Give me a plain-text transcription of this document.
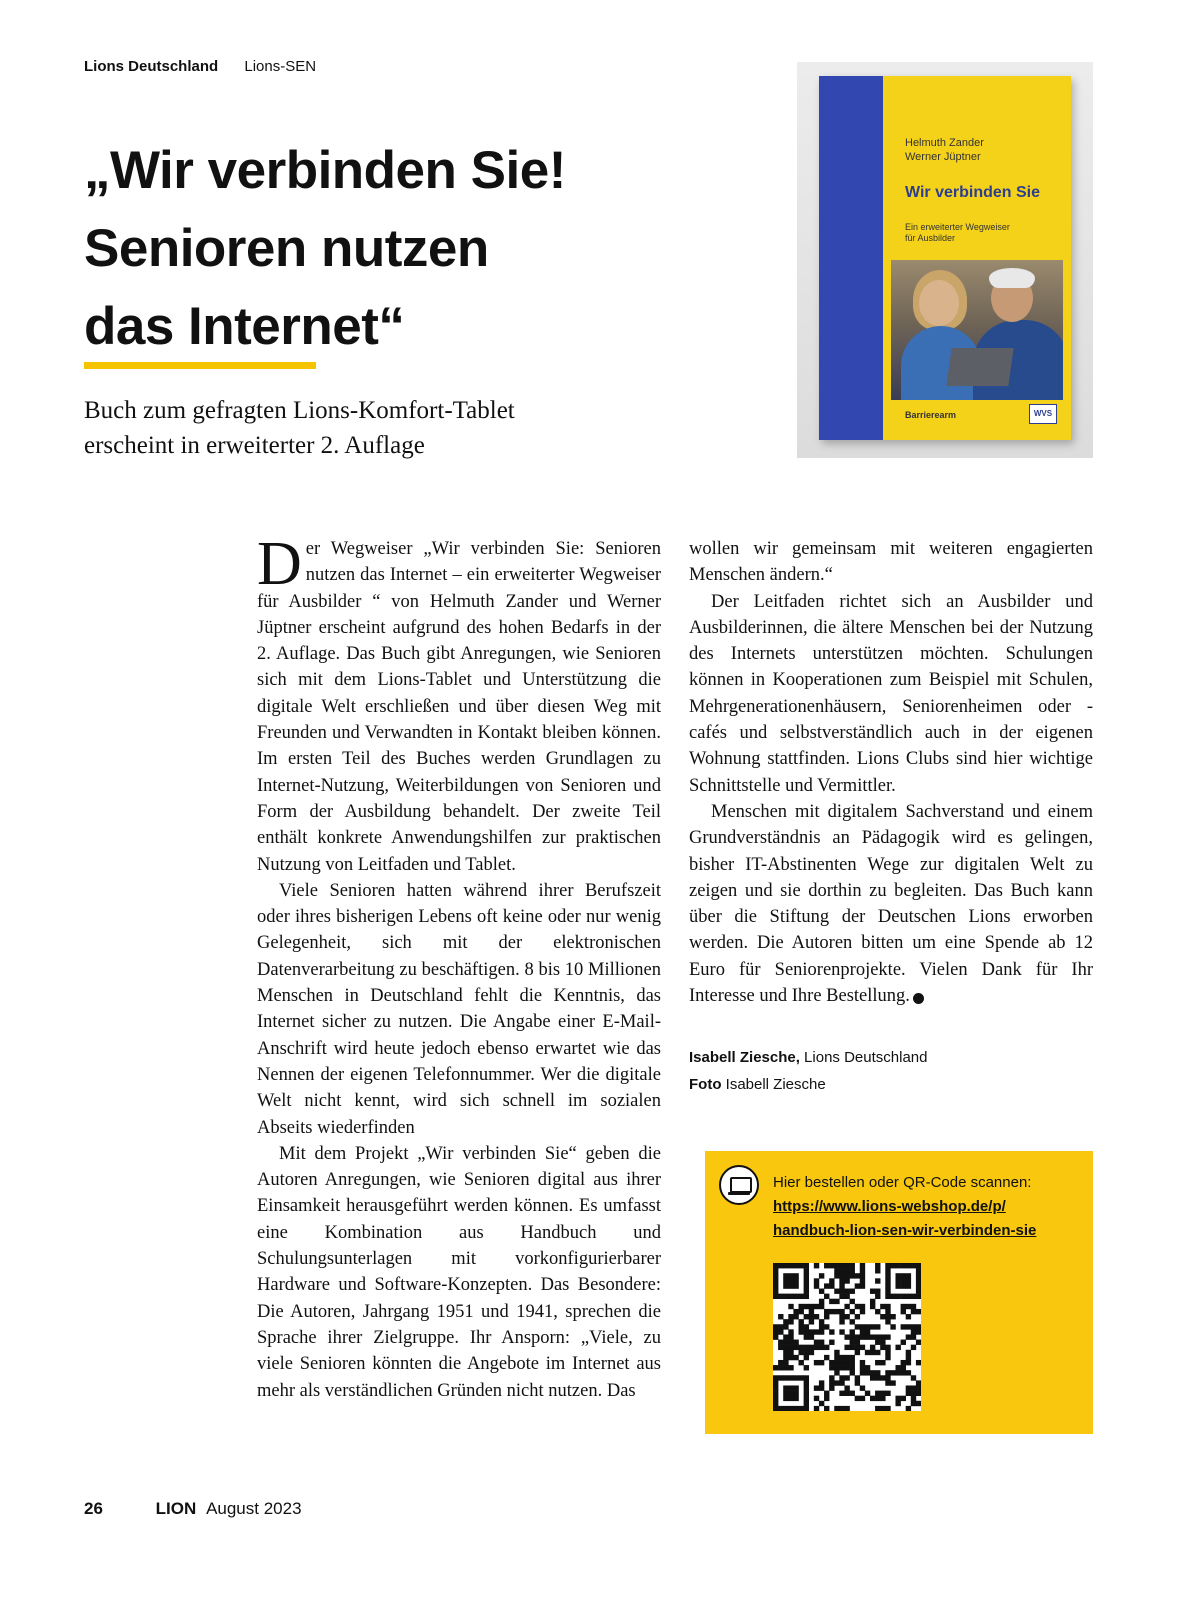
Lions Deutschland Lions-SEN
„Wir verbinden Sie!
Senioren nutzen
das Internet“

Buch zum gefragten Lions-Komfort-Tablet
erscheint in erweiterter 2. Auflage

Helmuth Zander
Werner Jüptner
Wir verbinden Sie
Ein erweiterter Wegweiser
für Ausbilder
Barrierearm	WVS

Der Wegweiser „Wir verbinden Sie: Senioren nutzen das Internet – ein erweiterter Wegweiser für Ausbilder “ von Helmuth Zander und Werner Jüptner erscheint aufgrund des hohen Bedarfs in der 2. Auflage. Das Buch gibt Anregungen, wie Senioren sich mit dem Lions-Tablet und Unterstützung die digitale Welt erschließen und über diesen Weg mit Freunden und Verwandten in Kontakt bleiben können. Im ersten Teil des Buches werden Grundlagen zu Internet-Nutzung, Weiterbildungen von Senioren und Form der Ausbildung behandelt. Der zweite Teil enthält konkrete Anwendungshilfen zur praktischen Nutzung von Leitfaden und Tablet.

Viele Senioren hatten während ihrer Berufszeit oder ihres bisherigen Lebens oft keine oder nur wenig Gelegenheit, sich mit der elektronischen Datenverarbeitung zu beschäftigen. 8 bis 10 Millionen Menschen in Deutschland fehlt die Kenntnis, das Internet sicher zu nutzen. Die Angabe einer E-Mail-Anschrift wird heute jedoch ebenso erwartet wie das Nennen der eigenen Telefonnummer. Wer die digitale Welt nicht kennt, wird sich schnell im sozialen Abseits wiederfinden

Mit dem Projekt „Wir verbinden Sie“ geben die Autoren Anregungen, wie Senioren digital aus ihrer Einsamkeit herausgeführt werden können. Es umfasst eine Kombination aus Handbuch und Schulungsunterlagen mit vorkonfigurierbarer Hardware und Software-Konzepten. Das Besondere: Die Autoren, Jahrgang 1951 und 1941, sprechen die Sprache ihrer Zielgruppe. Ihr Ansporn: „Viele, zu viele Senioren könnten die Angebote im Internet aus mehr als verständlichen Gründen nicht nutzen. Das

wollen wir gemeinsam mit weiteren engagierten Menschen ändern.“

Der Leitfaden richtet sich an Ausbilder und Ausbilderinnen, die ältere Menschen bei der Nutzung des Internets unterstützen möchten. Schulungen können in Kooperationen zum Beispiel mit Schulen, Mehrgenerationenhäusern, Seniorenheimen oder -cafés und selbstverständlich auch in der eigenen Wohnung stattfinden. Lions Clubs sind hier wichtige Schnittstelle und Vermittler.

Menschen mit digitalem Sachverstand und einem Grundverständnis an Pädagogik wird es gelingen, bisher IT-Abstinenten Wege zur digitalen Welt zu zeigen und sie dorthin zu begleiten. Das Buch kann über die Stiftung der Deutschen Lions erworben werden. Die Autoren bitten um eine Spende ab 12 Euro für Seniorenprojekte. Vielen Dank für Ihr Interesse und Ihre Bestellung.	L

Isabell Ziesche, Lions Deutschland
Foto Isabell Ziesche
Hier bestellen oder QR-Code scannen:
https://www.lions-webshop.de/p/
handbuch-lion-sen-wir-verbinden-sie
26	LION August 2023
